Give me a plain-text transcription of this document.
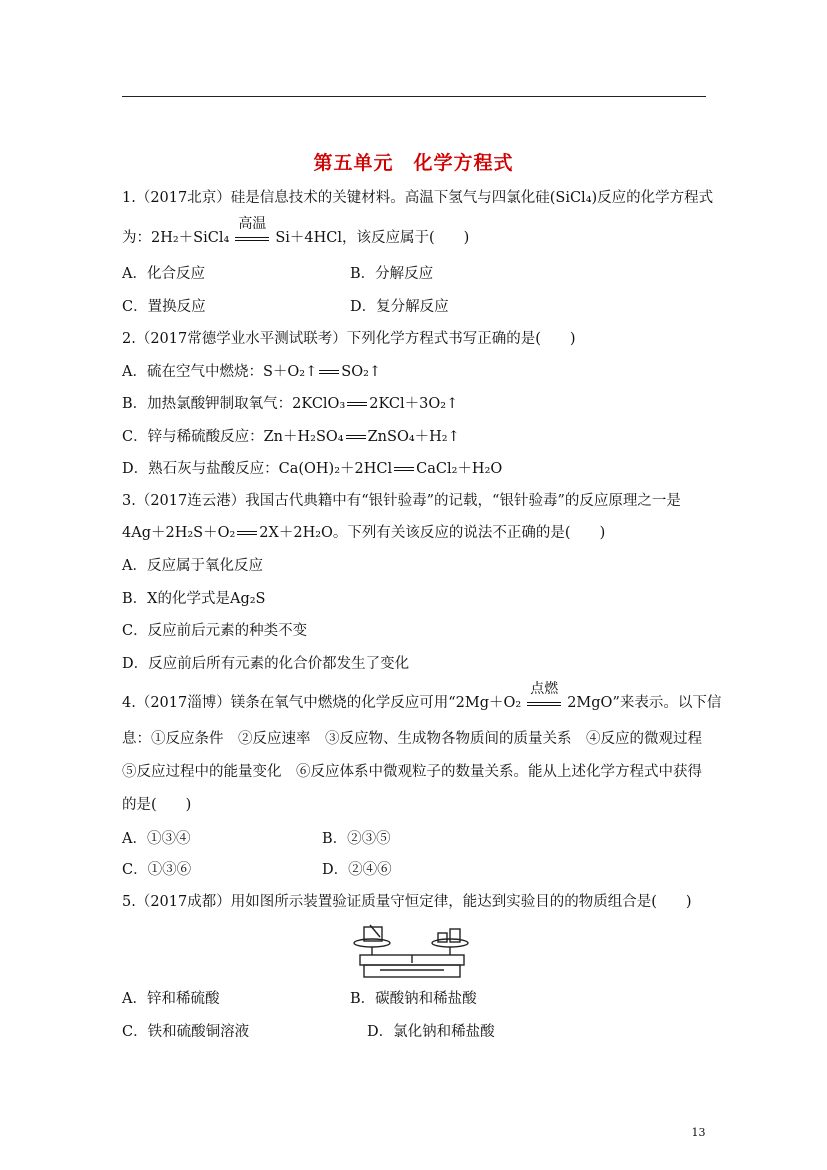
第五单元　化学方程式
1.（2017北京）硅是信息技术的关键材料。高温下氢气与四氯化硅(SiCl₄)反应的化学方程式
为：2H₂＋SiCl₄
高温
Si＋4HCl，该反应属于(　　)
A．化合反应	B．分解反应
C．置换反应	D．复分解反应
2.（2017常德学业水平测试联考）下列化学方程式书写正确的是(　　)
A．硫在空气中燃烧：S＋O₂↑ SO₂↑
B．加热氯酸钾制取氧气：2KClO₃ 2KCl＋3O₂↑
C．锌与稀硫酸反应：Zn＋H₂SO₄ ZnSO₄＋H₂↑
D．熟石灰与盐酸反应：Ca(OH)₂＋2HCl CaCl₂＋H₂O
3.（2017连云港）我国古代典籍中有“银针验毒”的记载，“银针验毒”的反应原理之一是
4Ag＋2H₂S＋O₂ 2X＋2H₂O。下列有关该反应的说法不正确的是(　　)
A．反应属于氧化反应
B．X的化学式是Ag₂S
C．反应前后元素的种类不变
D．反应前后所有元素的化合价都发生了变化
4.（2017淄博）镁条在氧气中燃烧的化学反应可用“2Mg＋O₂
点燃
2MgO”来表示。以下信
息：①反应条件　②反应速率　③反应物、生成物各物质间的质量关系　④反应的微观过程
⑤反应过程中的能量变化　⑥反应体系中微观粒子的数量关系。能从上述化学方程式中获得
的是(　　)
A．①③④	B．②③⑤
C．①③⑥	D．②④⑥
5.（2017成都）用如图所示装置验证质量守恒定律，能达到实验目的的物质组合是(　　)
A．锌和稀硫酸	B．碳酸钠和稀盐酸
C．铁和硫酸铜溶液	D．氯化钠和稀盐酸
13
